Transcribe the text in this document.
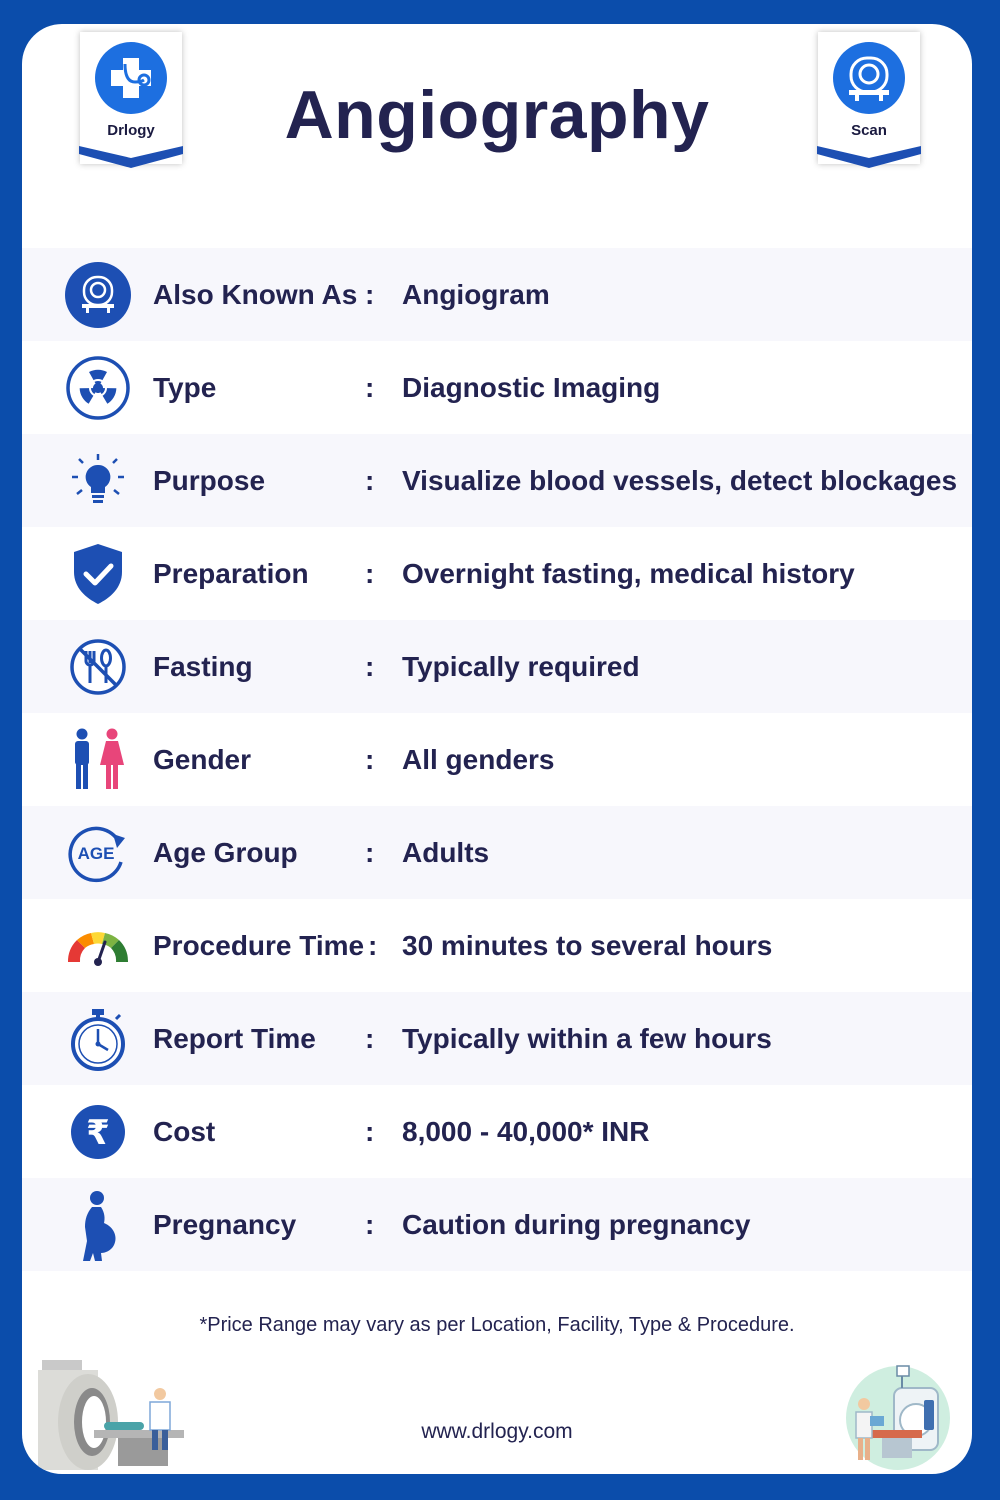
Drlogy	Scan
Angiography
Also Known As : Angiogram
Type	: Diagnostic Imaging
Purpose	: Visualize blood vessels, detect blockages
Preparation : Overnight fasting, medical history
Fasting	: Typically required
Gender	: All genders
AGE Age Group : Adults
Procedure Time : 30 minutes to several hours
Report Time : Typically within a few hours
₹ Cost	: 8,000 - 40,000* INR
Pregnancy : Caution during pregnancy
*Price Range may vary as per Location, Facility, Type & Procedure.
www.drlogy.com
